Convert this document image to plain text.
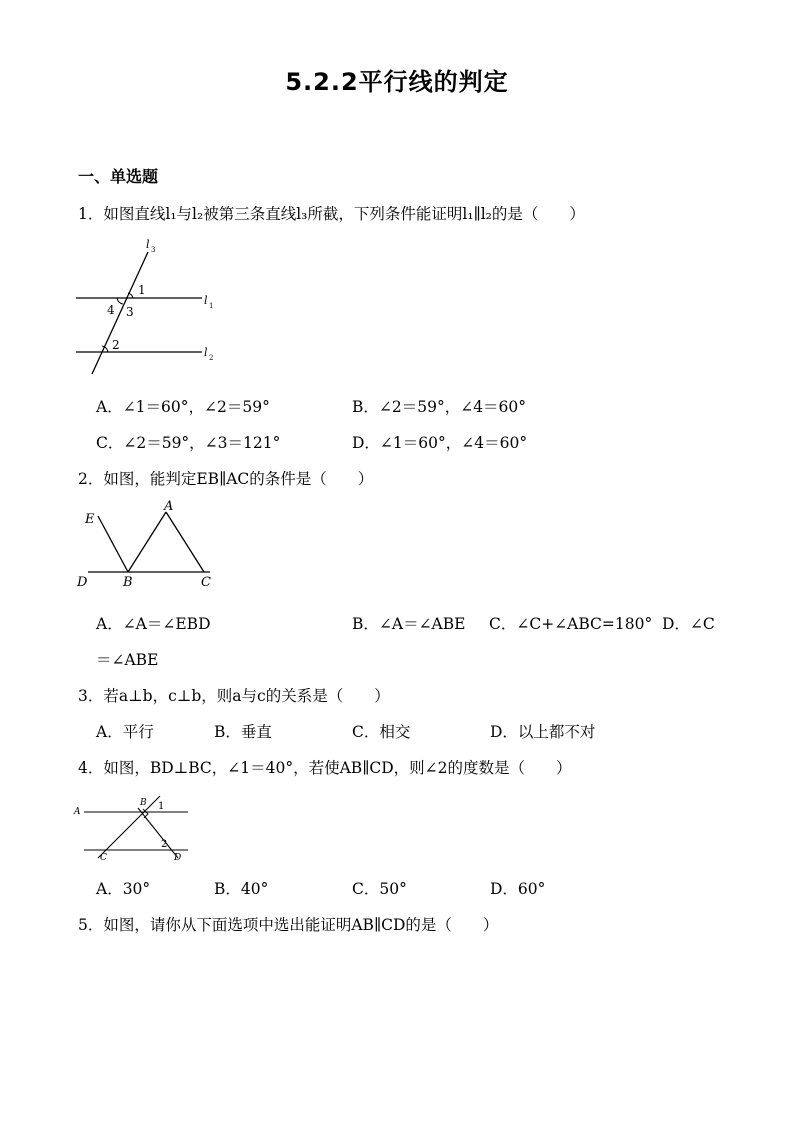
5.2.2平行线的判定
一、单选题
1．如图直线l₁与l₂被第三条直线l₃所截，下列条件能证明l₁∥l₂的是（　　）
l 3
l 1
l 2
1
2
3
4
A．∠1＝60°，∠2＝59°	B．∠2＝59°，∠4＝60°
C．∠2＝59°，∠3＝121°	D．∠1＝60°，∠4＝60°
2．如图，能判定EB∥AC的条件是（　　）
E
A
D	B	C
A．∠A＝∠EBD	B．∠A＝∠ABE C．∠C+∠ABC=180° D．∠C
＝∠ABE
3．若a⊥b，c⊥b，则a与c的关系是（　　）
A．平行	B．垂直	C．相交	D．以上都不对
4．如图，BD⊥BC，∠1＝40°，若使AB∥CD，则∠2的度数是（　　）
A
B
C	D
1
2
A．30°	B．40°	C．50°	D．60°
5．如图，请你从下面选项中选出能证明AB∥CD的是（　　）
